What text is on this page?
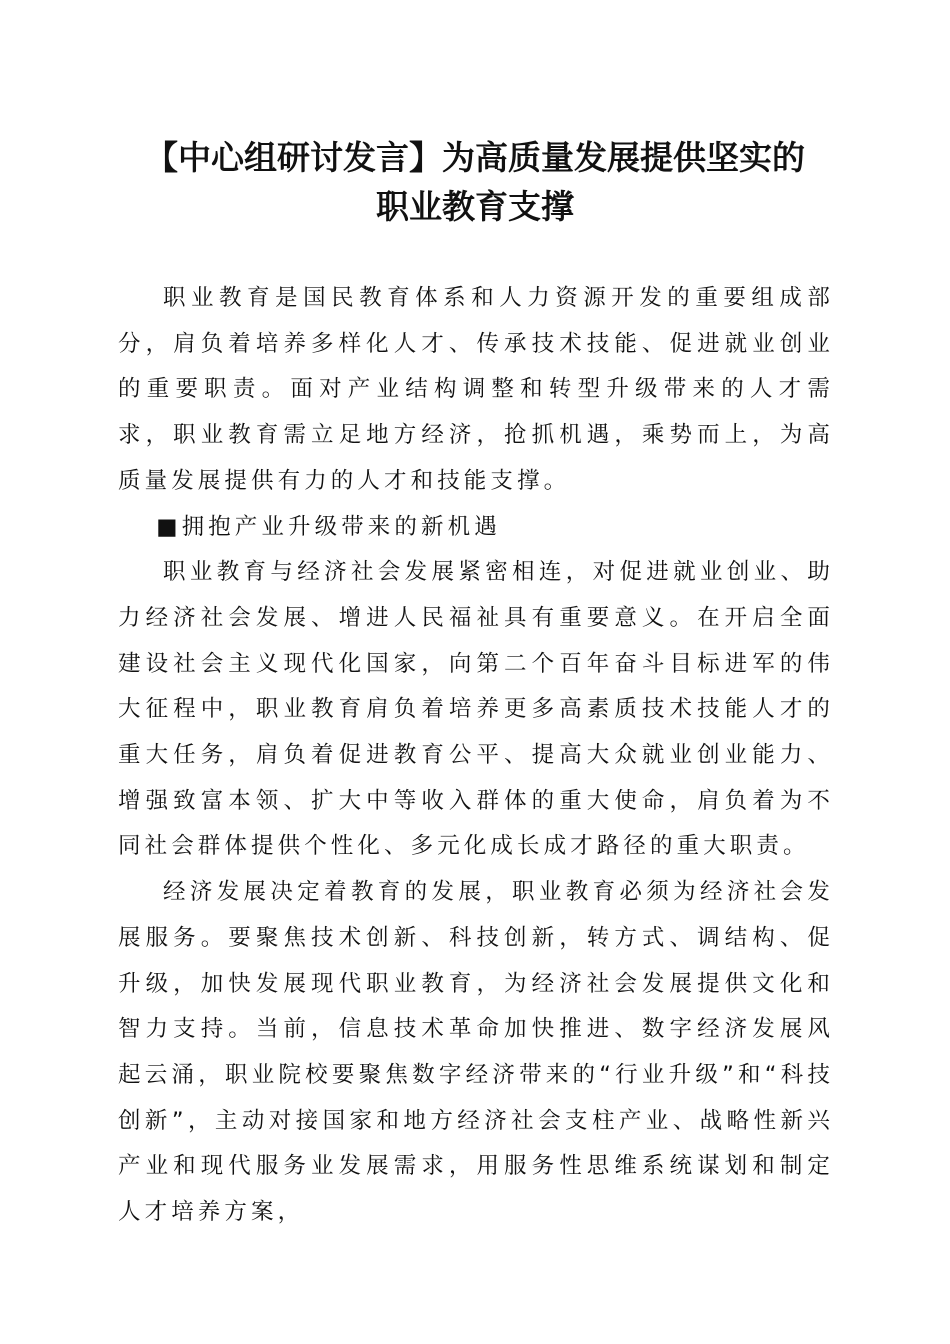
【中心组研讨发言】为高质量发展提供坚实的
职业教育支撑

职业教育是国民教育体系和人力资源开发的重要组成部分，肩负着培养多样化人才、传承技术技能、促进就业创业的重要职责。面对产业结构调整和转型升级带来的人才需求，职业教育需立足地方经济，抢抓机遇，乘势而上，为高质量发展提供有力的人才和技能支撑。

■拥抱产业升级带来的新机遇

职业教育与经济社会发展紧密相连，对促进就业创业、助力经济社会发展、增进人民福祉具有重要意义。在开启全面建设社会主义现代化国家，向第二个百年奋斗目标进军的伟大征程中，职业教育肩负着培养更多高素质技术技能人才的重大任务，肩负着促进教育公平、提高大众就业创业能力、增强致富本领、扩大中等收入群体的重大使命，肩负着为不同社会群体提供个性化、多元化成长成才路径的重大职责。

经济发展决定着教育的发展，职业教育必须为经济社会发展服务。要聚焦技术创新、科技创新，转方式、调结构、促升级，加快发展现代职业教育，为经济社会发展提供文化和智力支持。当前，信息技术革命加快推进、数字经济发展风起云涌，职业院校要聚焦数字经济带来的“行业升级”和“科技创新”，主动对接国家和地方经济社会支柱产业、战略性新兴产业和现代服务业发展需求，用服务性思维系统谋划和制定人才培养方案，
